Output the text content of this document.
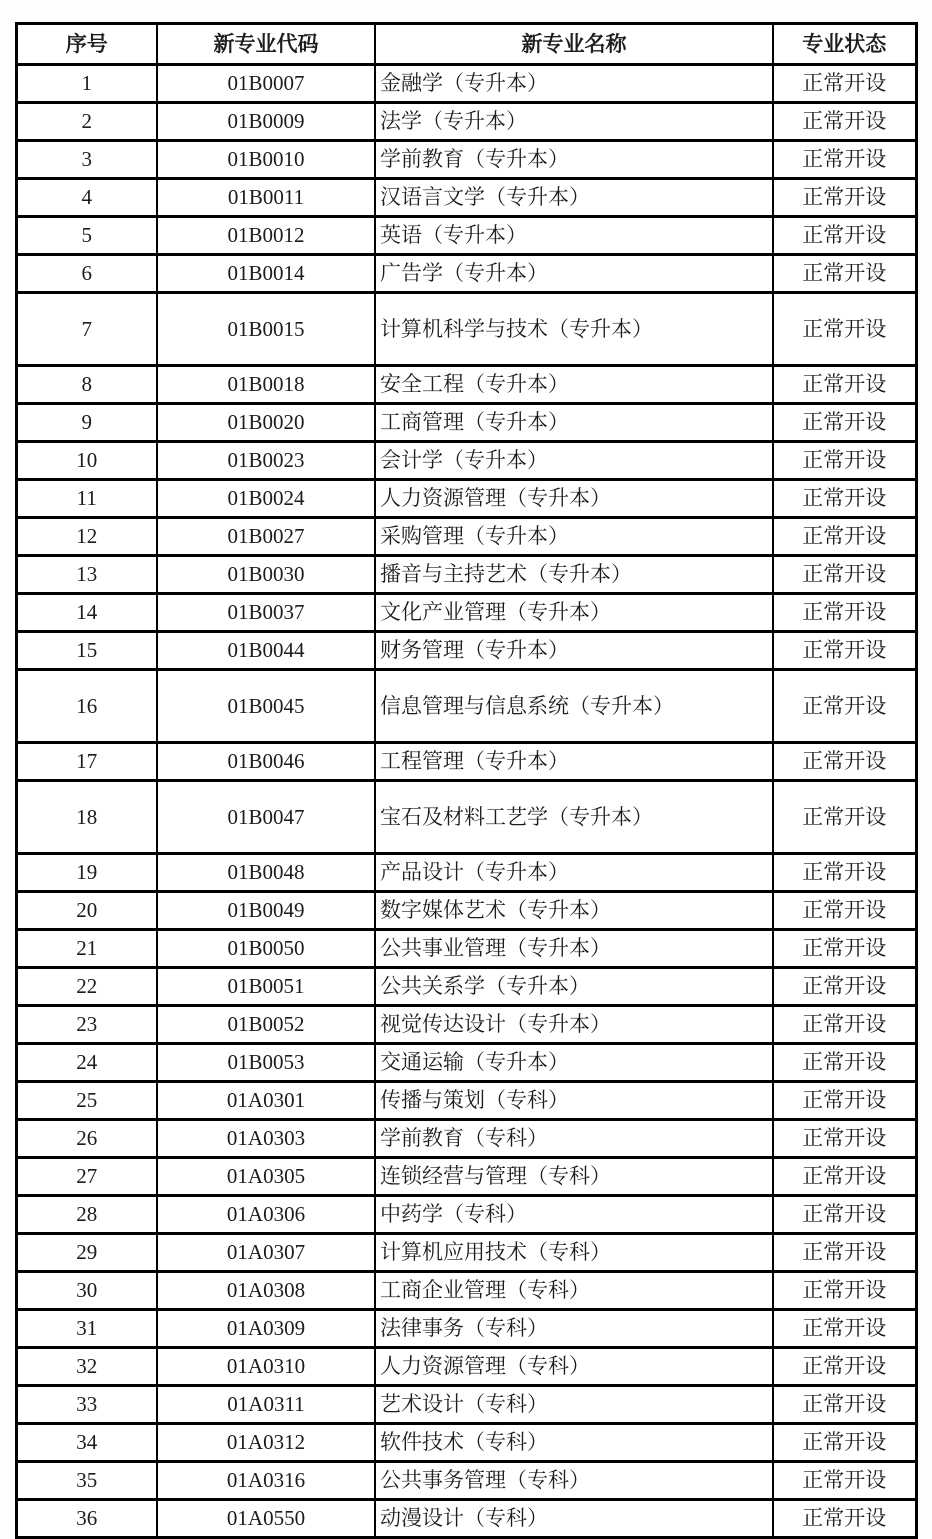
序号	新专业代码	新专业名称	专业状态
1	01B0007	金融学（专升本）	正常开设
2	01B0009	法学（专升本）	正常开设
3	01B0010	学前教育（专升本）	正常开设
4	01B0011	汉语言文学（专升本）	正常开设
5	01B0012	英语（专升本）	正常开设
6	01B0014	广告学（专升本）	正常开设
7	01B0015	计算机科学与技术（专升本）	正常开设
8	01B0018	安全工程（专升本）	正常开设
9	01B0020	工商管理（专升本）	正常开设
10	01B0023	会计学（专升本）	正常开设
11	01B0024	人力资源管理（专升本）	正常开设
12	01B0027	采购管理（专升本）	正常开设
13	01B0030	播音与主持艺术（专升本）	正常开设
14	01B0037	文化产业管理（专升本）	正常开设
15	01B0044	财务管理（专升本）	正常开设
16	01B0045	信息管理与信息系统（专升本）	正常开设
17	01B0046	工程管理（专升本）	正常开设
18	01B0047	宝石及材料工艺学（专升本）	正常开设
19	01B0048	产品设计（专升本）	正常开设
20	01B0049	数字媒体艺术（专升本）	正常开设
21	01B0050	公共事业管理（专升本）	正常开设
22	01B0051	公共关系学（专升本）	正常开设
23	01B0052	视觉传达设计（专升本）	正常开设
24	01B0053	交通运输（专升本）	正常开设
25	01A0301	传播与策划（专科）	正常开设
26	01A0303	学前教育（专科）	正常开设
27	01A0305	连锁经营与管理（专科）	正常开设
28	01A0306	中药学（专科）	正常开设
29	01A0307	计算机应用技术（专科）	正常开设
30	01A0308	工商企业管理（专科）	正常开设
31	01A0309	法律事务（专科）	正常开设
32	01A0310	人力资源管理（专科）	正常开设
33	01A0311	艺术设计（专科）	正常开设
34	01A0312	软件技术（专科）	正常开设
35	01A0316	公共事务管理（专科）	正常开设
36	01A0550	动漫设计（专科）	正常开设
